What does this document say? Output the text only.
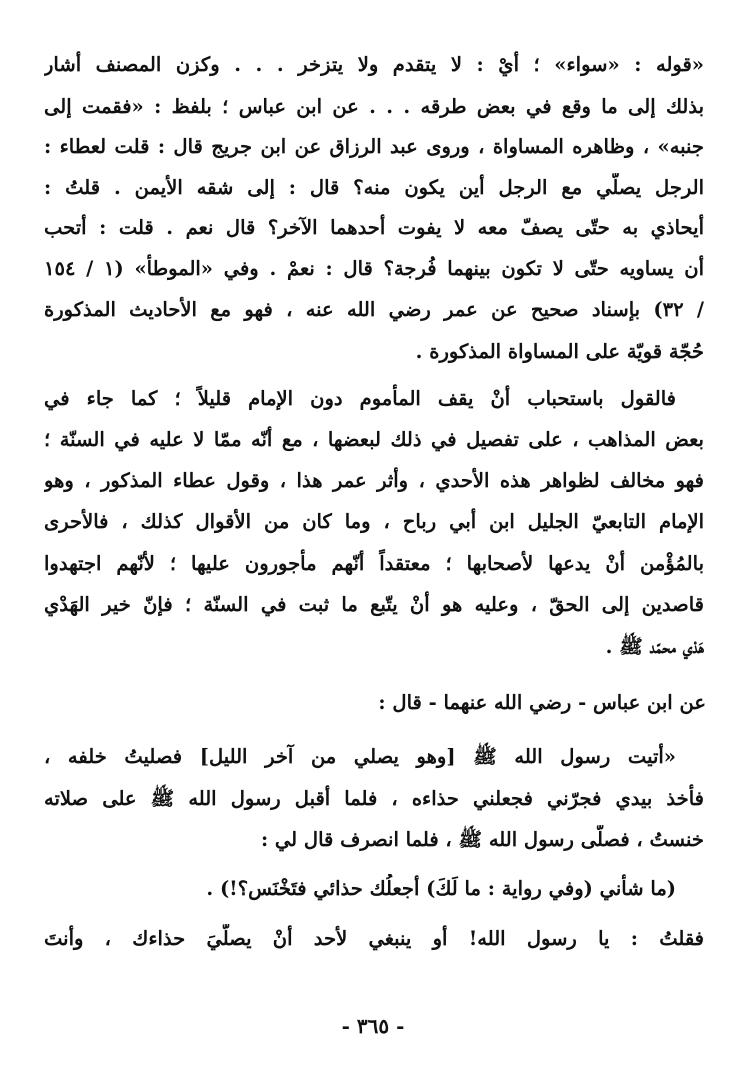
«قوله : «سواء» ؛ أيْ : لا يتقدم ولا يتزخر . . . وكزن المصنف أشار
بذلك إلى ما وقع في بعض طرقه . . . عن ابن عباس ؛ بلفظ : «فقمت إلى
جنبه» ، وظاهره المساواة ، وروى عبد الرزاق عن ابن جريج قال : قلت لعطاء :
الرجل يصلّي مع الرجل أين يكون منه؟ قال : إلى شقه الأيمن . قلتُ :
أيحاذي به حتّى يصفّ معه لا يفوت أحدهما الآخر؟ قال نعم . قلت : أتحب
أن يساويه حتّى لا تكون بينهما فُرجة؟ قال : نعمْ . وفي «الموطأ» (١ / ١٥٤
/ ٣٢) بإسناد صحيح عن عمر رضي الله عنه ، فهو مع الأحاديث المذكورة
حُجّة قويّة على المساواة المذكورة .
فالقول باستحباب أنْ يقف المأموم دون الإمام قليلاً ؛ كما جاء في
بعض المذاهب ، على تفصيل في ذلك لبعضها ، مع أنّه ممّا لا عليه في السنّة ؛
فهو مخالف لظواهر هذه الأحدي ، وأثر عمر هذا ، وقول عطاء المذكور ، وهو
الإمام التابعيّ الجليل ابن أبي رباح ، وما كان من الأقوال كذلك ، فالأحرى
بالمُؤْمن أنْ يدعها لأصحابها ؛ معتقداً أنّهم مأجورون عليها ؛ لأنّهم اجتهدوا
قاصدين إلى الحقّ ، وعليه هو أنْ يتّبع ما ثبت في السنّة ؛ فإنّ خير الهَدْي
هَدْي محمّد ﷺ .
عن ابن عباس - رضي الله عنهما - قال :
«أتيت رسول الله ﷺ [وهو يصلي من آخر الليل] فصليتُ خلفه ،
فأخذ بيدي فجرّني فجعلني حذاءه ، فلما أقبل رسول الله ﷺ على صلاته
خنستُ ، فصلّى رسول الله ﷺ ، فلما انصرف قال لي :
(ما شأني (وفي رواية : ما لَكَ) أجعلُك حذائي فتَخْنَس؟!) .
فقلتُ : يا رسول الله! أو ينبغي لأحد أنْ يصلّيَ حذاءك ، وأنتَ
- ٣٦٥ -
